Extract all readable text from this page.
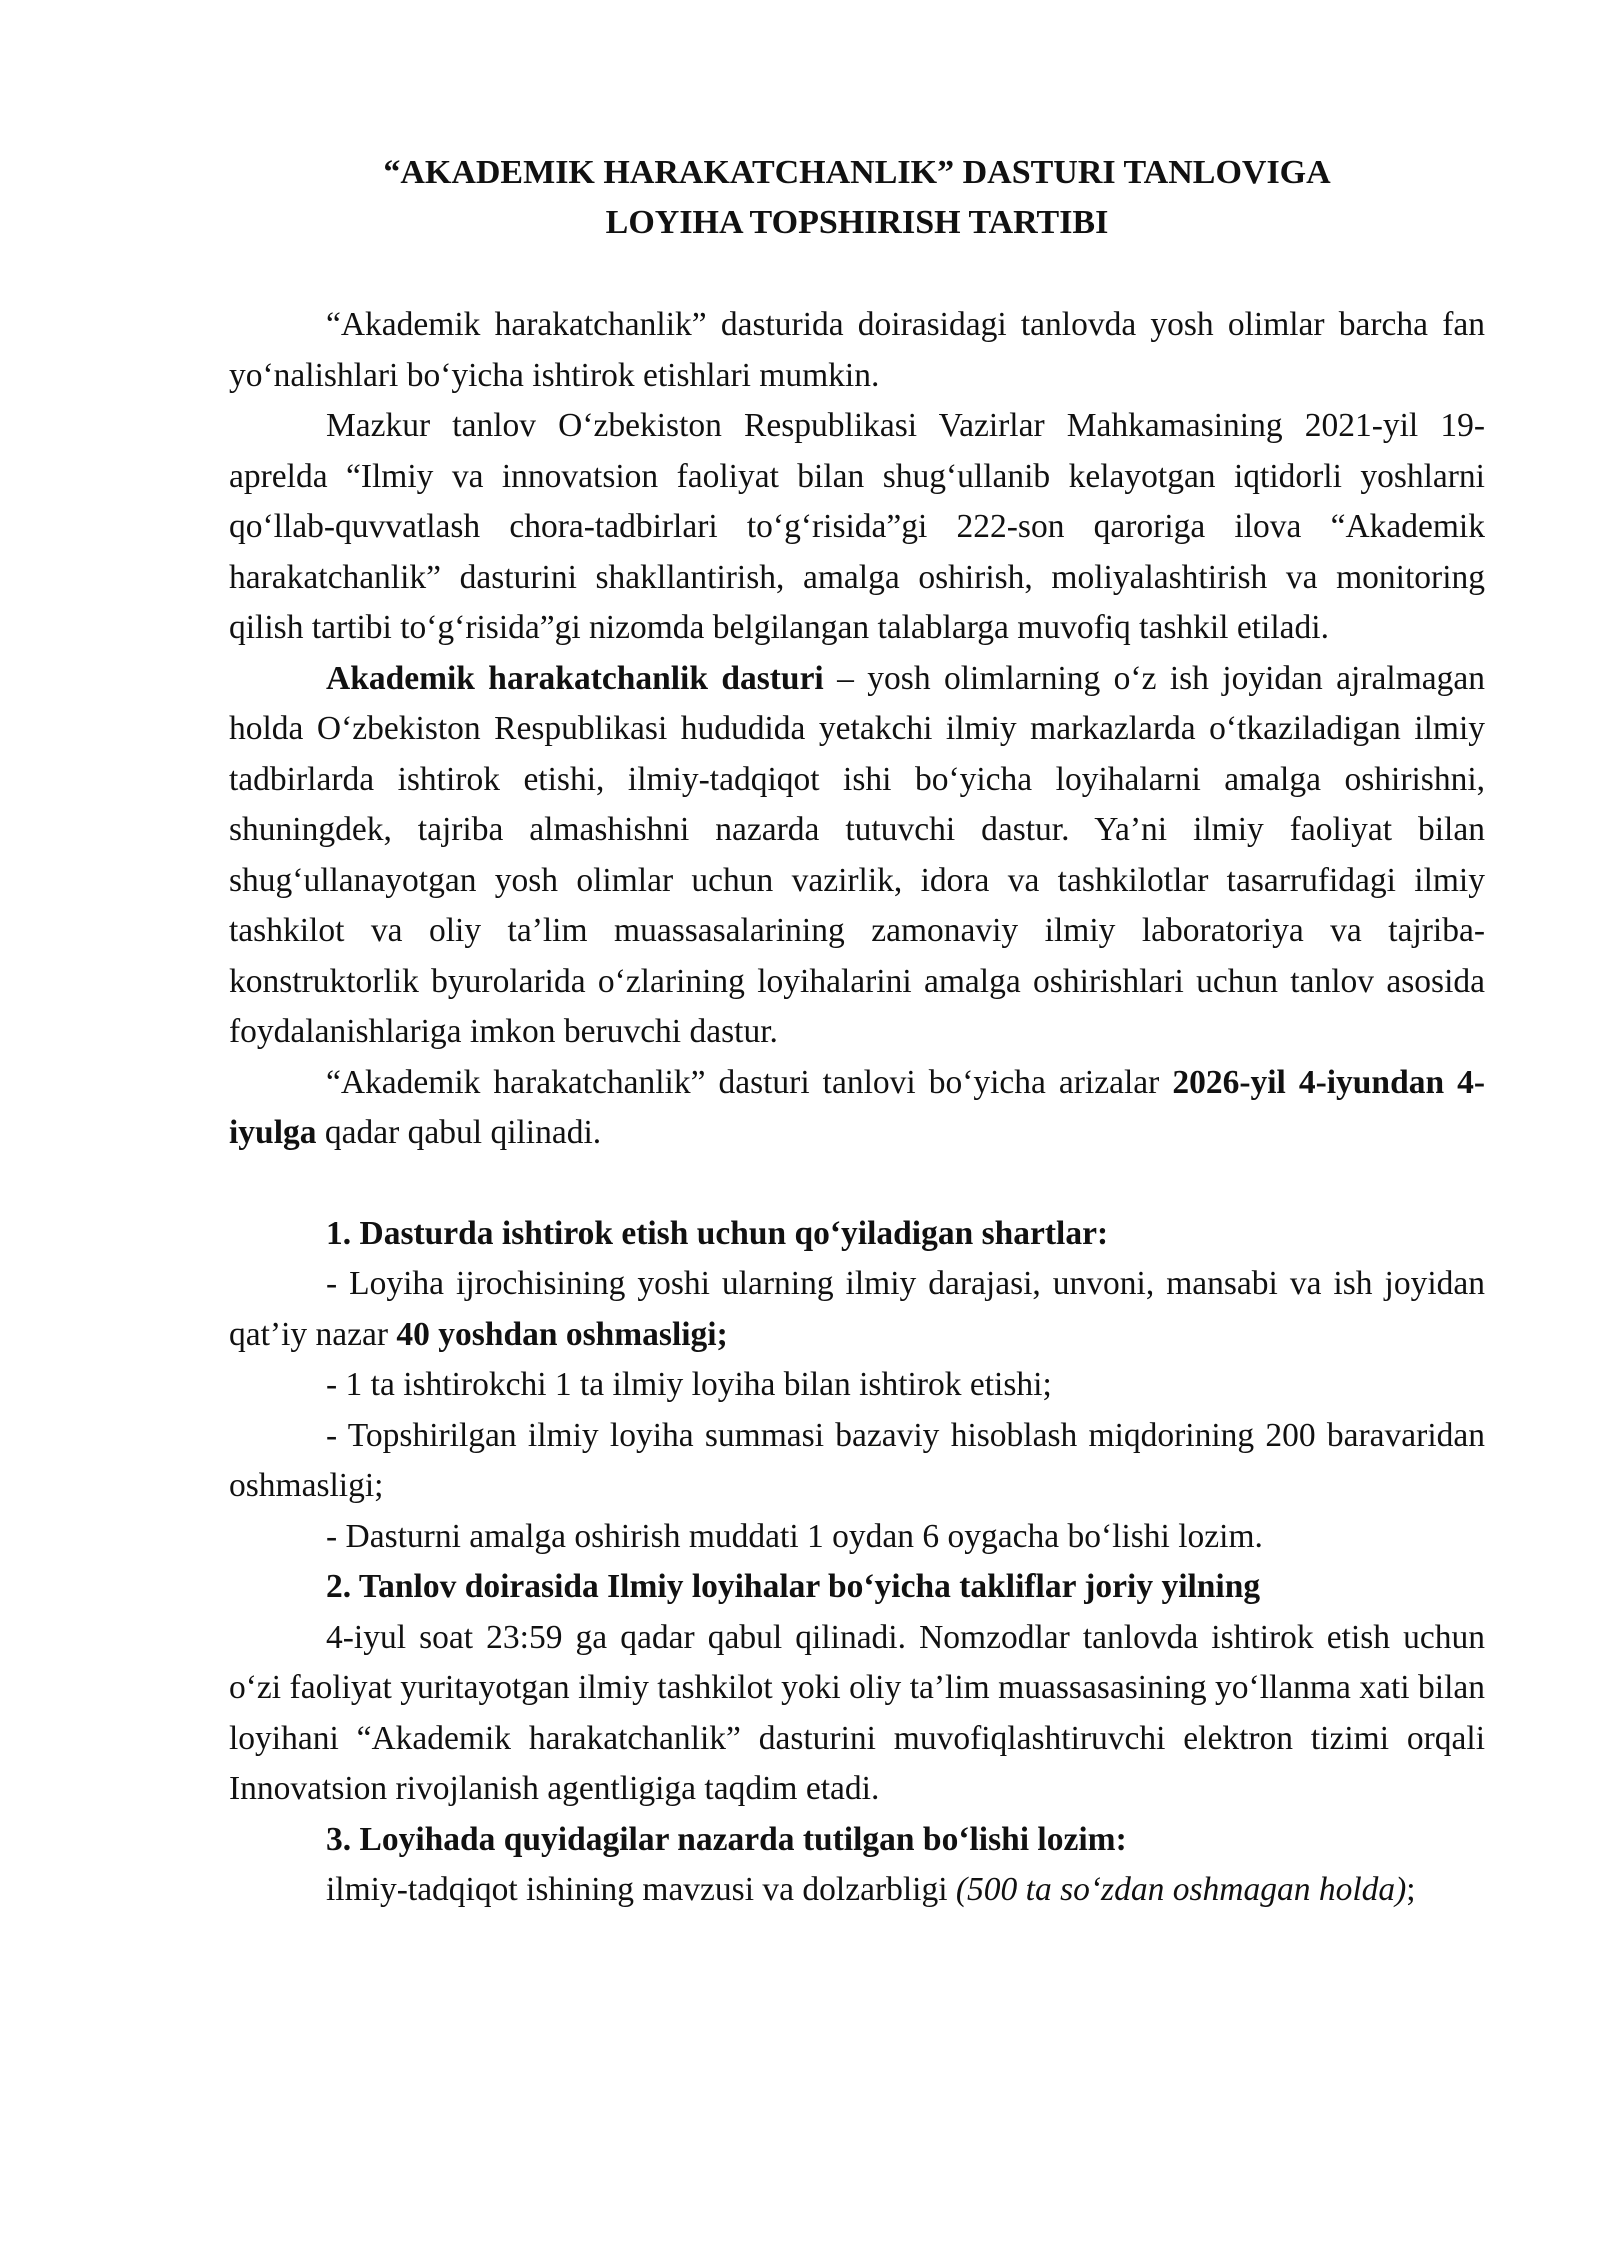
“AKADEMIK HARAKATCHANLIK” DASTURI TANLOVIGA
LOYIHA TOPSHIRISH TARTIBI

“Akademik harakatchanlik” dasturida doirasidagi tanlovda yosh olimlar barcha fan yo‘nalishlari bo‘yicha ishtirok etishlari mumkin.

Mazkur tanlov O‘zbekiston Respublikasi Vazirlar Mahkamasining 2021-yil 19-aprelda “Ilmiy va innovatsion faoliyat bilan shug‘ullanib kelayotgan iqtidorli yoshlarni qo‘llab-quvvatlash chora-tadbirlari to‘g‘risida”gi 222-son qaroriga ilova “Akademik harakatchanlik” dasturini shakllantirish, amalga oshirish, moliyalashtirish va monitoring qilish tartibi to‘g‘risida”gi nizomda belgilangan talablarga muvofiq tashkil etiladi.

Akademik harakatchanlik dasturi – yosh olimlarning o‘z ish joyidan ajralmagan holda O‘zbekiston Respublikasi hududida yetakchi ilmiy markazlarda o‘tkaziladigan ilmiy tadbirlarda ishtirok etishi, ilmiy-tadqiqot ishi bo‘yicha loyihalarni amalga oshirishni, shuningdek, tajriba almashishni nazarda tutuvchi dastur. Ya’ni ilmiy faoliyat bilan shug‘ullanayotgan yosh olimlar uchun vazirlik, idora va tashkilotlar tasarrufidagi ilmiy tashkilot va oliy ta’lim muassasalarining zamonaviy ilmiy laboratoriya va tajriba-konstruktorlik byurolarida o‘zlarining loyihalarini amalga oshirishlari uchun tanlov asosida foydalanishlariga imkon beruvchi dastur.

“Akademik harakatchanlik” dasturi tanlovi bo‘yicha arizalar 2026-yil 4-iyundan 4-iyulga qadar qabul qilinadi.

1. Dasturda ishtirok etish uchun qo‘yiladigan shartlar:

- Loyiha ijrochisining yoshi ularning ilmiy darajasi, unvoni, mansabi va ish joyidan qat’iy nazar 40 yoshdan oshmasligi;

- 1 ta ishtirokchi 1 ta ilmiy loyiha bilan ishtirok etishi;

- Topshirilgan ilmiy loyiha summasi bazaviy hisoblash miqdorining 200 baravaridan oshmasligi;

- Dasturni amalga oshirish muddati 1 oydan 6 oygacha bo‘lishi lozim.

2. Tanlov doirasida Ilmiy loyihalar bo‘yicha takliflar joriy yilning

4-iyul soat 23:59 ga qadar qabul qilinadi. Nomzodlar tanlovda ishtirok etish uchun o‘zi faoliyat yuritayotgan ilmiy tashkilot yoki oliy ta’lim muassasasining yo‘llanma xati bilan loyihani “Akademik harakatchanlik” dasturini muvofiqlashtiruvchi elektron tizimi orqali Innovatsion rivojlanish agentligiga taqdim etadi.

3. Loyihada quyidagilar nazarda tutilgan bo‘lishi lozim:

ilmiy-tadqiqot ishining mavzusi va dolzarbligi (500 ta so‘zdan oshmagan holda);
